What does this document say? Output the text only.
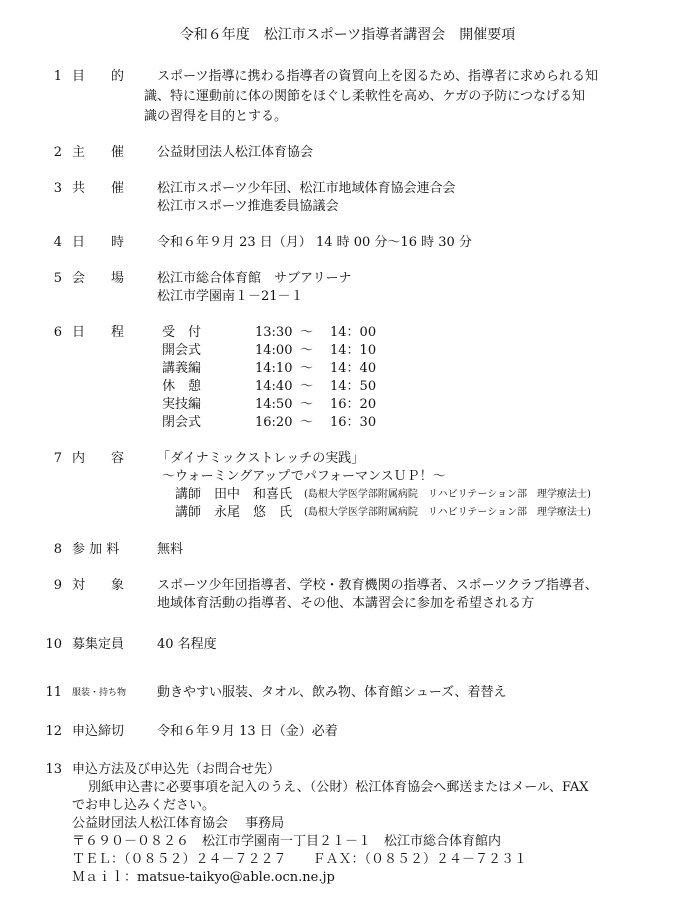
令和６年度　松江市スポーツ指導者講習会　開催要項
1 目　　的	スポーツ指導に携わる指導者の資質向上を図るため、指導者に求められる知
識、特に運動前に体の関節をほぐし柔軟性を高め、ケガの予防につなげる知
識の習得を目的とする。
2 主　　催	公益財団法人松江体育協会
3 共　　催	松江市スポーツ少年団、松江市地域体育協会連合会
松江市スポーツ推進委員協議会
4 日　　時	令和６年９月 23 日（月） 14 時 00 分～16 時 30 分
5 会　　場	松江市総合体育館　サブアリーナ
松江市学園南１－21－１
6 日　　程	受　付	13:30 ～ 14：00
開会式	14:00 ～ 14：10
講義編	14:10 ～ 14：40
休　憩	14:40 ～ 14：50
実技編	14:50 ～ 16：20
閉会式	16:20 ～ 16：30
7 内　　容	「ダイナミックストレッチの実践」
～ウォーミングアップでパフォーマンスＵＰ！～
講師 田中　和喜氏 (島根大学医学部附属病院　リハビリテーション部　理学療法士)
講師 永尾　悠　氏 (島根大学医学部附属病院　リハビリテーション部　理学療法士)
8 参 加 料	無料
9 対　　象	スポーツ少年団指導者、学校・教育機関の指導者、スポーツクラブ指導者、
地域体育活動の指導者、その他、本講習会に参加を希望される方
10 募集定員	40 名程度
11 服装・持ち物 動きやすい服装、タオル、飲み物、体育館シューズ、着替え
12 申込締切	令和６年９月 13 日（金）必着
13 申込方法及び申込先（お問合せ先）
別紙申込書に必要事項を記入のうえ、（公財）松江体育協会へ郵送またはメール、FAX
でお申し込みください。
公益財団法人松江体育協会　 事務局
〒６９０－０８２６　松江市学園南一丁目２１－１　松江市総合体育館内
ＴＥＬ：（０８５２）２４－７２２７　　ＦＡＸ：（０８５２）２４－７２３１
Ｍａｉｌ：matsue-taikyo@able.ocn.ne.jp
